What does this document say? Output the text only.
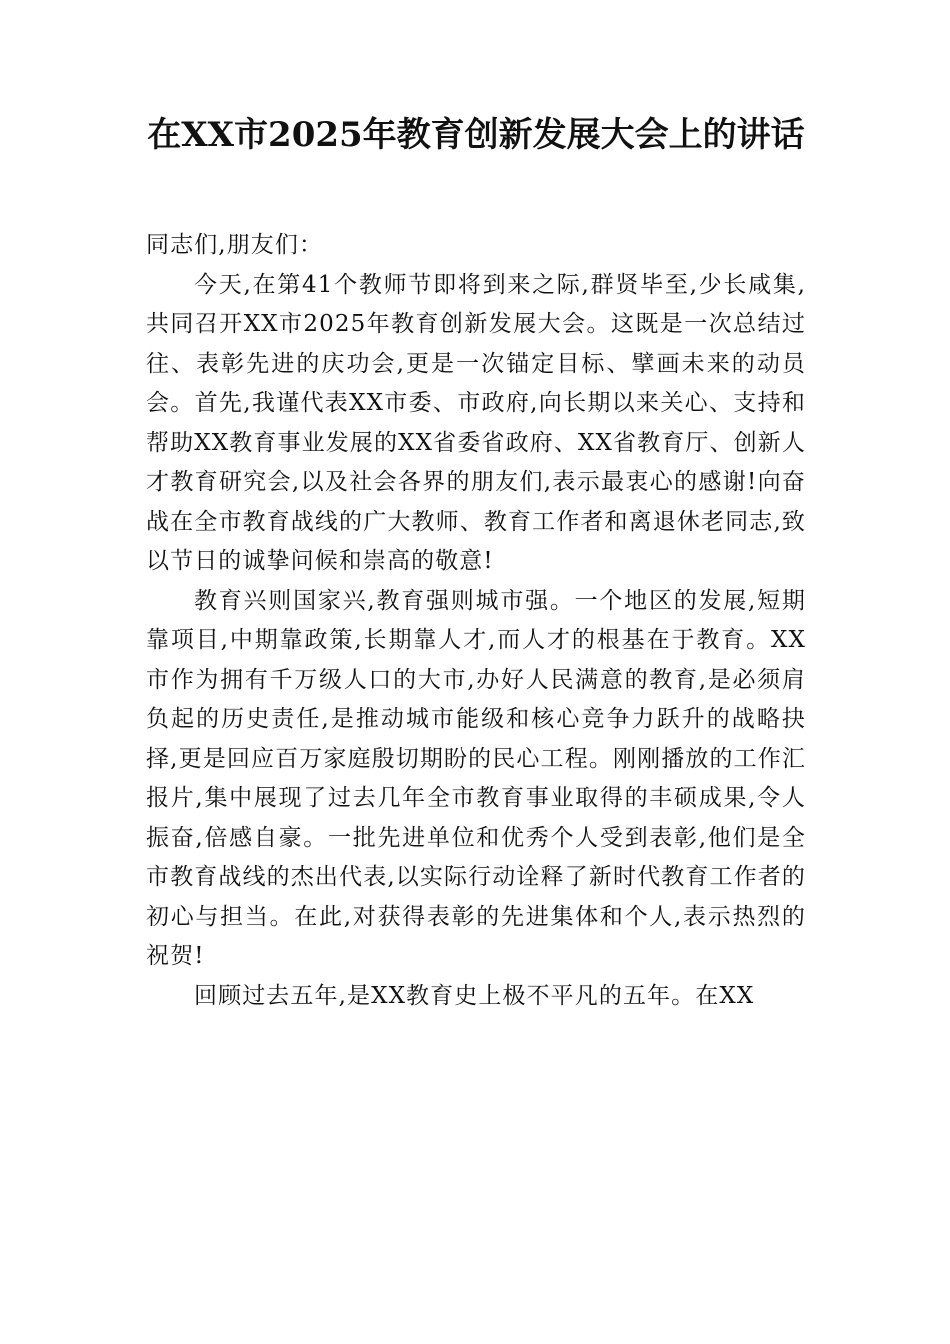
在XX市2025年教育创新发展大会上的讲话

同志们,朋友们：

今天,在第41个教师节即将到来之际,群贤毕至,少长咸集,共同召开XX市2025年教育创新发展大会。这既是一次总结过往、表彰先进的庆功会,更是一次锚定目标、擘画未来的动员会。首先,我谨代表XX市委、市政府,向长期以来关心、支持和帮助XX教育事业发展的XX省委省政府、XX省教育厅、创新人才教育研究会,以及社会各界的朋友们,表示最衷心的感谢!向奋战在全市教育战线的广大教师、教育工作者和离退休老同志,致以节日的诚挚问候和崇高的敬意!

教育兴则国家兴,教育强则城市强。一个地区的发展,短期靠项目,中期靠政策,长期靠人才,而人才的根基在于教育。XX市作为拥有千万级人口的大市,办好人民满意的教育,是必须肩负起的历史责任,是推动城市能级和核心竞争力跃升的战略抉择,更是回应百万家庭殷切期盼的民心工程。刚刚播放的工作汇报片,集中展现了过去几年全市教育事业取得的丰硕成果,令人振奋,倍感自豪。一批先进单位和优秀个人受到表彰,他们是全市教育战线的杰出代表,以实际行动诠释了新时代教育工作者的初心与担当。在此,对获得表彰的先进集体和个人,表示热烈的祝贺!

回顾过去五年,是XX教育史上极不平凡的五年。在XX
